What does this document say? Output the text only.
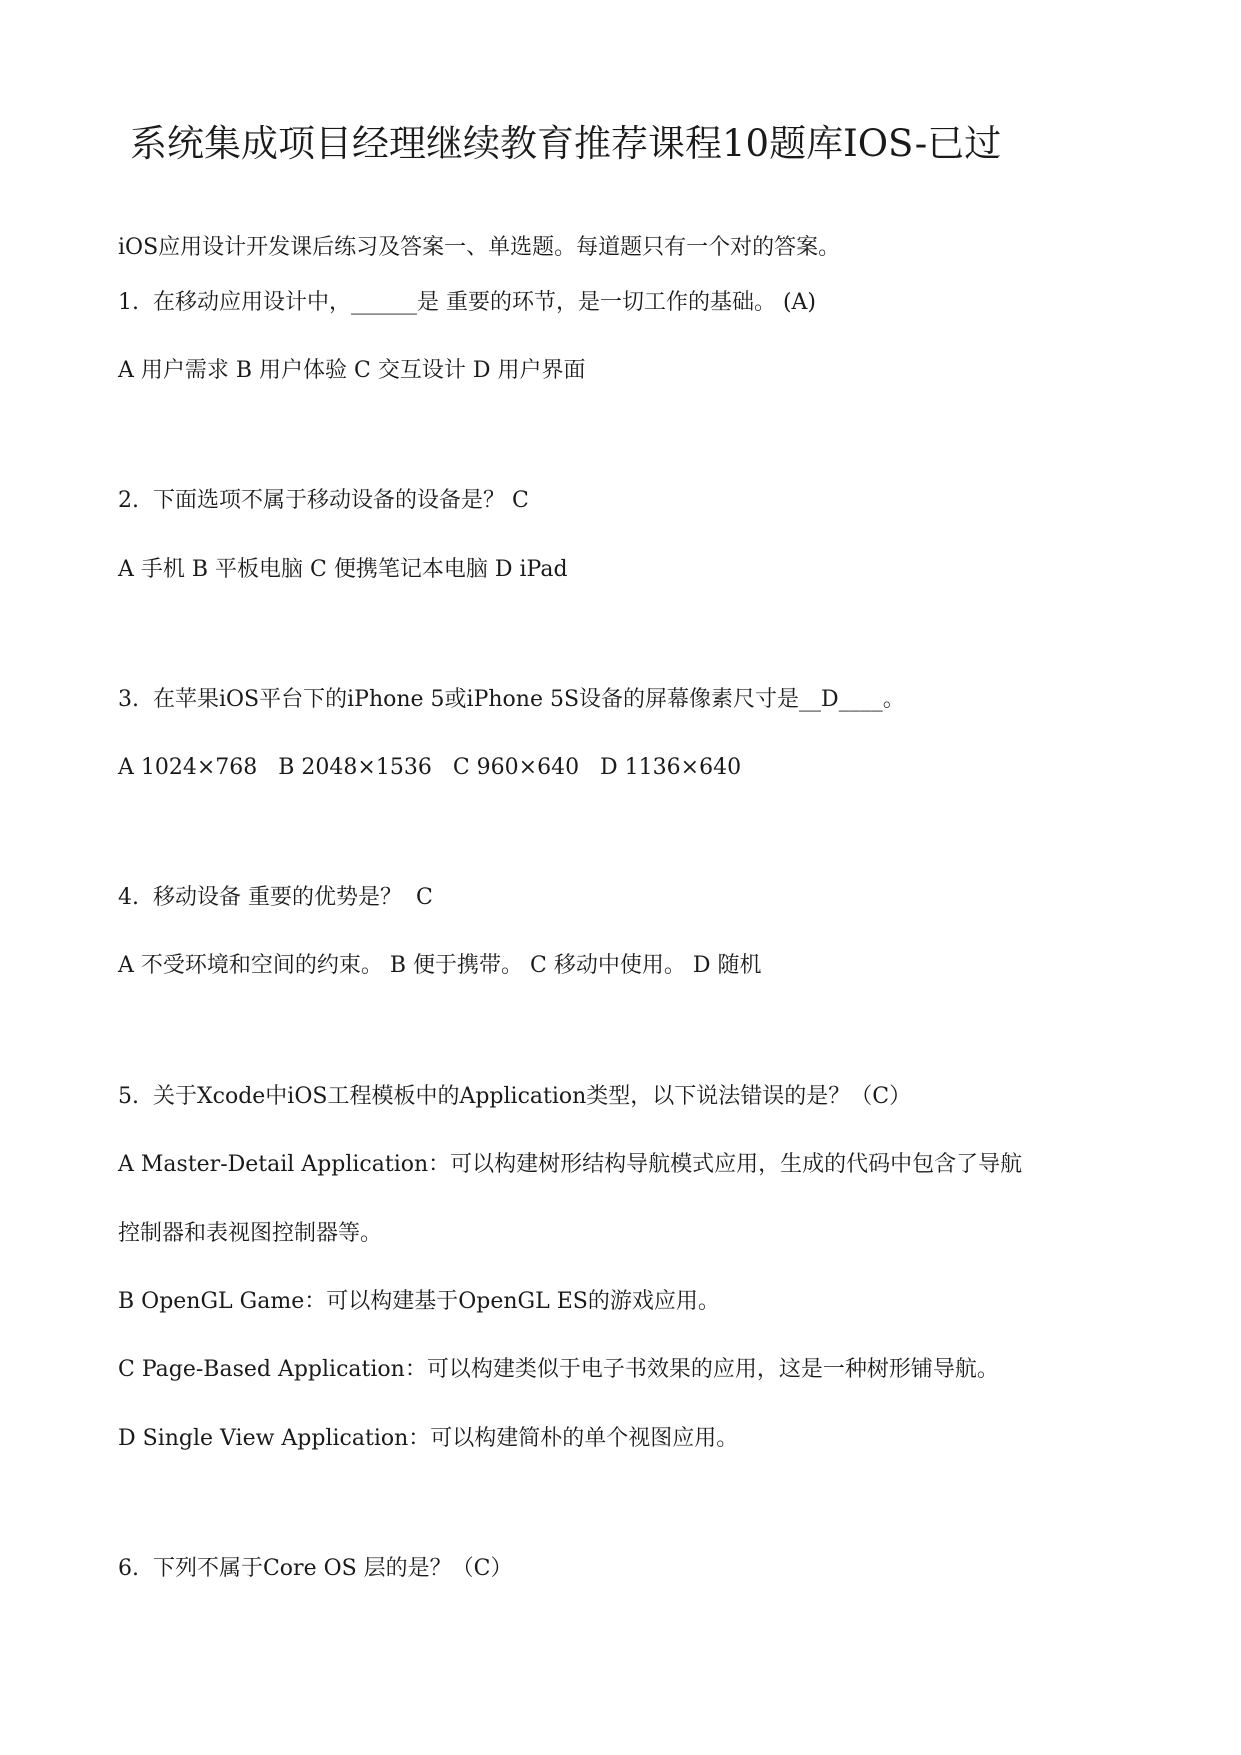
系统集成项目经理继续教育推荐课程10题库IOS-已过

iOS应用设计开发课后练习及答案一、单选题。每道题只有一个对的答案。

1.  在移动应用设计中，______是 重要的环节，是一切工作的基础。 (A)

A 用户需求 B 用户体验 C 交互设计 D 用户界面

2.  下面选项不属于移动设备的设备是？ C

A 手机 B 平板电脑 C 便携笔记本电脑 D iPad

3.  在苹果iOS平台下的iPhone 5或iPhone 5S设备的屏幕像素尺寸是__D____。

A 1024×768   B 2048×1536   C 960×640   D 1136×640

4.  移动设备 重要的优势是？  C

A 不受环境和空间的约束。 B 便于携带。 C 移动中使用。 D 随机

5.  关于Xcode中iOS工程模板中的Application类型，以下说法错误的是？（C）

A Master-Detail Application：可以构建树形结构导航模式应用，生成的代码中包含了导航

控制器和表视图控制器等。

B OpenGL Game：可以构建基于OpenGL ES的游戏应用。

C Page-Based Application：可以构建类似于电子书效果的应用，这是一种树形铺导航。

D Single View Application：可以构建简朴的单个视图应用。

6.  下列不属于Core OS 层的是？（C）
